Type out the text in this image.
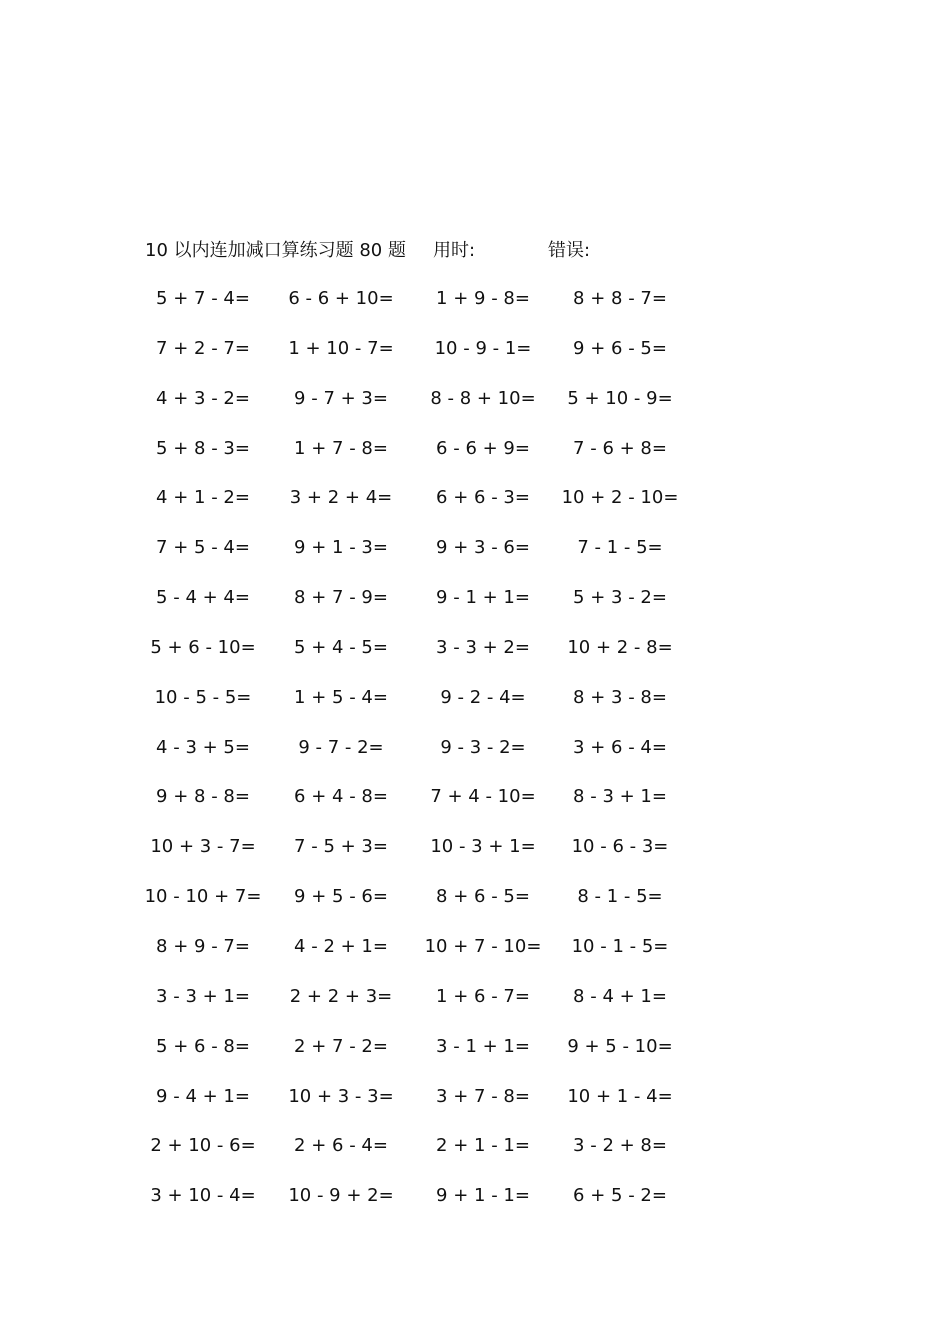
10 以内连加减口算练习题 80 题 用时:	错误:
5 + 7 - 4=	6 - 6 + 10=	1 + 9 - 8=	8 + 8 - 7=
7 + 2 - 7=	1 + 10 - 7=	10 - 9 - 1=	9 + 6 - 5=
4 + 3 - 2=	9 - 7 + 3=	8 - 8 + 10=	5 + 10 - 9=
5 + 8 - 3=	1 + 7 - 8=	6 - 6 + 9=	7 - 6 + 8=
4 + 1 - 2=	3 + 2 + 4=	6 + 6 - 3=	10 + 2 - 10=
7 + 5 - 4=	9 + 1 - 3=	9 + 3 - 6=	7 - 1 - 5=
5 - 4 + 4=	8 + 7 - 9=	9 - 1 + 1=	5 + 3 - 2=
5 + 6 - 10=	5 + 4 - 5=	3 - 3 + 2=	10 + 2 - 8=
10 - 5 - 5=	1 + 5 - 4=	9 - 2 - 4=	8 + 3 - 8=
4 - 3 + 5=	9 - 7 - 2=	9 - 3 - 2=	3 + 6 - 4=
9 + 8 - 8=	6 + 4 - 8=	7 + 4 - 10=	8 - 3 + 1=
10 + 3 - 7=	7 - 5 + 3=	10 - 3 + 1=	10 - 6 - 3=
10 - 10 + 7=	9 + 5 - 6=	8 + 6 - 5=	8 - 1 - 5=
8 + 9 - 7=	4 - 2 + 1=	10 + 7 - 10=	10 - 1 - 5=
3 - 3 + 1=	2 + 2 + 3=	1 + 6 - 7=	8 - 4 + 1=
5 + 6 - 8=	2 + 7 - 2=	3 - 1 + 1=	9 + 5 - 10=
9 - 4 + 1=	10 + 3 - 3=	3 + 7 - 8=	10 + 1 - 4=
2 + 10 - 6=	2 + 6 - 4=	2 + 1 - 1=	3 - 2 + 8=
3 + 10 - 4=	10 - 9 + 2=	9 + 1 - 1=	6 + 5 - 2=
